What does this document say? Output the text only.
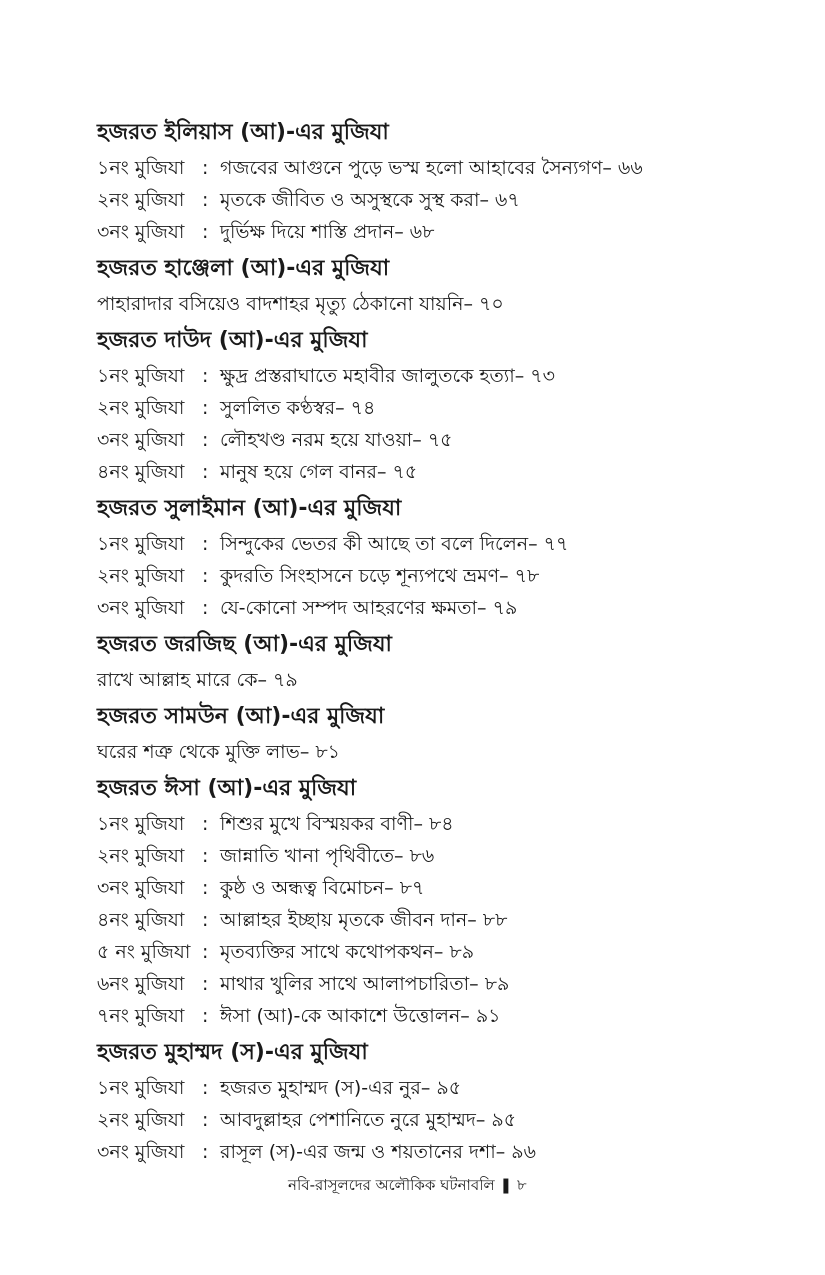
হজরত ইলিয়াস (আ)-এর মুজিযা
১নং মুজিযা : গজবের আগুনে পুড়ে ভস্ম হলো আহাবের সৈন্যগণ– ৬৬
২নং মুজিযা : মৃতকে জীবিত ও অসুস্থকে সুস্থ করা– ৬৭
৩নং মুজিযা : দুর্ভিক্ষ দিয়ে শাস্তি প্রদান– ৬৮
হজরত হাঞ্জেলা (আ)-এর মুজিযা
পাহারাদার বসিয়েও বাদশাহর মৃত্যু ঠেকানো যায়নি– ৭০
হজরত দাউদ (আ)-এর মুজিযা
১নং মুজিযা : ক্ষুদ্র প্রস্তরাঘাতে মহাবীর জালুতকে হত্যা– ৭৩
২নং মুজিযা : সুললিত কণ্ঠস্বর– ৭৪
৩নং মুজিযা : লৌহখণ্ড নরম হয়ে যাওয়া– ৭৫
৪নং মুজিযা : মানুষ হয়ে গেল বানর– ৭৫
হজরত সুলাইমান (আ)-এর মুজিযা
১নং মুজিযা : সিন্দুকের ভেতর কী আছে তা বলে দিলেন– ৭৭
২নং মুজিযা : কুদরতি সিংহাসনে চড়ে শূন্যপথে ভ্রমণ– ৭৮
৩নং মুজিযা : যে-কোনো সম্পদ আহরণের ক্ষমতা– ৭৯
হজরত জরজিছ (আ)-এর মুজিযা
রাখে আল্লাহ মারে কে– ৭৯
হজরত সামউন (আ)-এর মুজিযা
ঘরের শত্রু থেকে মুক্তি লাভ– ৮১
হজরত ঈসা (আ)-এর মুজিযা
১নং মুজিযা : শিশুর মুখে বিস্ময়কর বাণী– ৮৪
২নং মুজিযা : জান্নাতি খানা পৃথিবীতে– ৮৬
৩নং মুজিযা : কুষ্ঠ ও অন্ধত্ব বিমোচন– ৮৭
৪নং মুজিযা : আল্লাহর ইচ্ছায় মৃতকে জীবন দান– ৮৮
৫ নং মুজিযা : মৃতব্যক্তির সাথে কথোপকথন– ৮৯
৬নং মুজিযা : মাথার খুলির সাথে আলাপচারিতা– ৮৯
৭নং মুজিযা : ঈসা (আ)-কে আকাশে উত্তোলন– ৯১
হজরত মুহাম্মদ (স)-এর মুজিযা
১নং মুজিযা : হজরত মুহাম্মদ (স)-এর নুর– ৯৫
২নং মুজিযা : আবদুল্লাহর পেশানিতে নুরে মুহাম্মদ– ৯৫
৩নং মুজিযা : রাসূল (স)-এর জন্ম ও শয়তানের দশা– ৯৬
নবি-রাসূলদের অলৌকিক ঘটনাবলি ❚ ৮
